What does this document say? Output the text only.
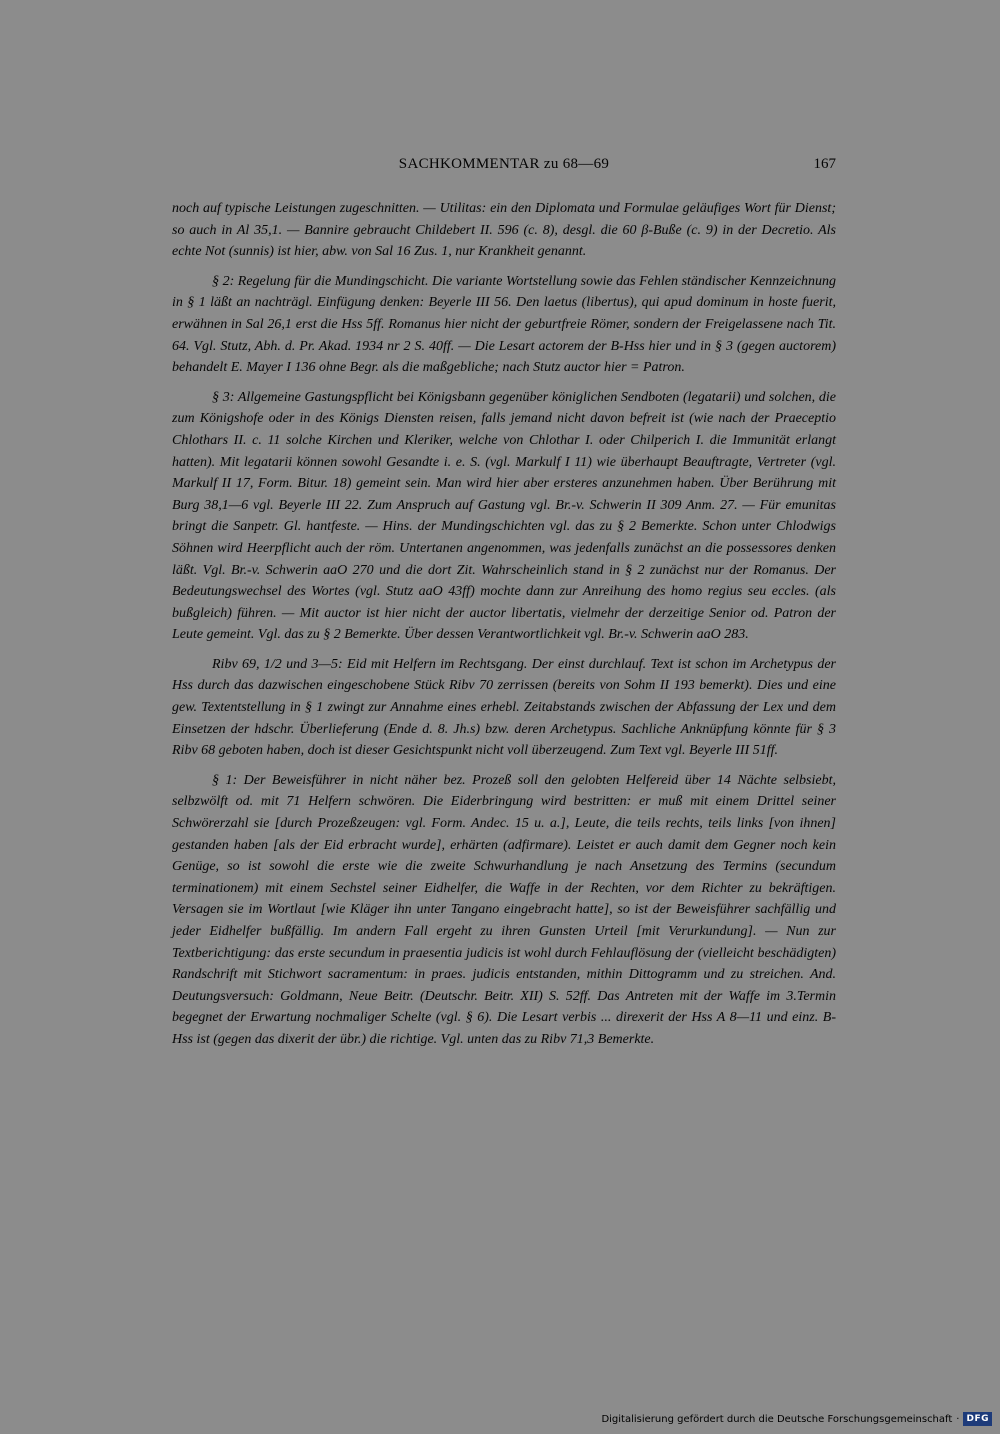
SACHKOMMENTAR zu 68—69	167

noch auf typische Leistungen zugeschnitten. — Utilitas: ein den Diplomata und Formulae geläufiges Wort für Dienst; so auch in Al 35,1. — Bannire gebraucht Childebert II. 596 (c. 8), desgl. die 60 β-Buße (c. 9) in der Decretio. Als echte Not (sunnis) ist hier, abw. von Sal 16 Zus. 1, nur Krankheit genannt.

§ 2: Regelung für die Mundingschicht. Die variante Wortstellung sowie das Fehlen ständischer Kennzeichnung in § 1 läßt an nachträgl. Einfügung denken: Beyerle III 56. Den laetus (libertus), qui apud dominum in hoste fuerit, erwähnen in Sal 26,1 erst die Hss 5ff. Romanus hier nicht der geburtfreie Römer, sondern der Freigelassene nach Tit. 64. Vgl. Stutz, Abh. d. Pr. Akad. 1934 nr 2 S. 40ff. — Die Lesart actorem der B-Hss hier und in § 3 (gegen auctorem) behandelt E. Mayer I 136 ohne Begr. als die maßgebliche; nach Stutz auctor hier = Patron.

§ 3: Allgemeine Gastungspflicht bei Königsbann gegenüber königlichen Sendboten (legatarii) und solchen, die zum Königshofe oder in des Königs Diensten reisen, falls jemand nicht davon befreit ist (wie nach der Praeceptio Chlothars II. c. 11 solche Kirchen und Kleriker, welche von Chlothar I. oder Chilperich I. die Immunität erlangt hatten). Mit legatarii können sowohl Gesandte i. e. S. (vgl. Markulf I 11) wie überhaupt Beauftragte, Vertreter (vgl. Markulf II 17, Form. Bitur. 18) gemeint sein. Man wird hier aber ersteres anzunehmen haben. Über Berührung mit Burg 38,1—6 vgl. Beyerle III 22. Zum Anspruch auf Gastung vgl. Br.-v. Schwerin II 309 Anm. 27. — Für emunitas bringt die Sanpetr. Gl. hantfeste. — Hins. der Mundingschichten vgl. das zu § 2 Bemerkte. Schon unter Chlodwigs Söhnen wird Heerpflicht auch der röm. Untertanen angenommen, was jedenfalls zunächst an die possessores denken läßt. Vgl. Br.-v. Schwerin aaO 270 und die dort Zit. Wahrscheinlich stand in § 2 zunächst nur der Romanus. Der Bedeutungswechsel des Wortes (vgl. Stutz aaO 43ff) mochte dann zur Anreihung des homo regius seu eccles. (als bußgleich) führen. — Mit auctor ist hier nicht der auctor libertatis, vielmehr der derzeitige Senior od. Patron der Leute gemeint. Vgl. das zu § 2 Bemerkte. Über dessen Verantwortlichkeit vgl. Br.-v. Schwerin aaO 283.

Ribv 69, 1/2 und 3—5: Eid mit Helfern im Rechtsgang. Der einst durchlauf. Text ist schon im Archetypus der Hss durch das dazwischen eingeschobene Stück Ribv 70 zerrissen (bereits von Sohm II 193 bemerkt). Dies und eine gew. Textentstellung in § 1 zwingt zur Annahme eines erhebl. Zeitabstands zwischen der Abfassung der Lex und dem Einsetzen der hdschr. Überlieferung (Ende d. 8. Jh.s) bzw. deren Archetypus. Sachliche Anknüpfung könnte für § 3 Ribv 68 geboten haben, doch ist dieser Gesichtspunkt nicht voll überzeugend. Zum Text vgl. Beyerle III 51ff.

§ 1: Der Beweisführer in nicht näher bez. Prozeß soll den gelobten Helfereid über 14 Nächte selbsiebt, selbzwölft od. mit 71 Helfern schwören. Die Eiderbringung wird bestritten: er muß mit einem Drittel seiner Schwörerzahl sie [durch Prozeßzeugen: vgl. Form. Andec. 15 u. a.], Leute, die teils rechts, teils links [von ihnen] gestanden haben [als der Eid erbracht wurde], erhärten (adfirmare). Leistet er auch damit dem Gegner noch kein Genüge, so ist sowohl die erste wie die zweite Schwurhandlung je nach Ansetzung des Termins (secundum terminationem) mit einem Sechstel seiner Eidhelfer, die Waffe in der Rechten, vor dem Richter zu bekräftigen. Versagen sie im Wortlaut [wie Kläger ihn unter Tangano eingebracht hatte], so ist der Beweisführer sachfällig und jeder Eidhelfer bußfällig. Im andern Fall ergeht zu ihren Gunsten Urteil [mit Verurkundung]. — Nun zur Textberichtigung: das erste secundum in praesentia judicis ist wohl durch Fehlauflösung der (vielleicht beschädigten) Randschrift mit Stichwort sacramentum: in praes. judicis entstanden, mithin Dittogramm und zu streichen. And. Deutungsversuch: Goldmann, Neue Beitr. (Deutschr. Beitr. XII) S. 52ff. Das Antreten mit der Waffe im 3.Termin begegnet der Erwartung nochmaliger Schelte (vgl. § 6). Die Lesart verbis ... direxerit der Hss A 8—11 und einz. B-Hss ist (gegen das dixerit der übr.) die richtige. Vgl. unten das zu Ribv 71,3 Bemerkte.

Digitalisierung gefördert durch die Deutsche Forschungsgemeinschaft · DFG
